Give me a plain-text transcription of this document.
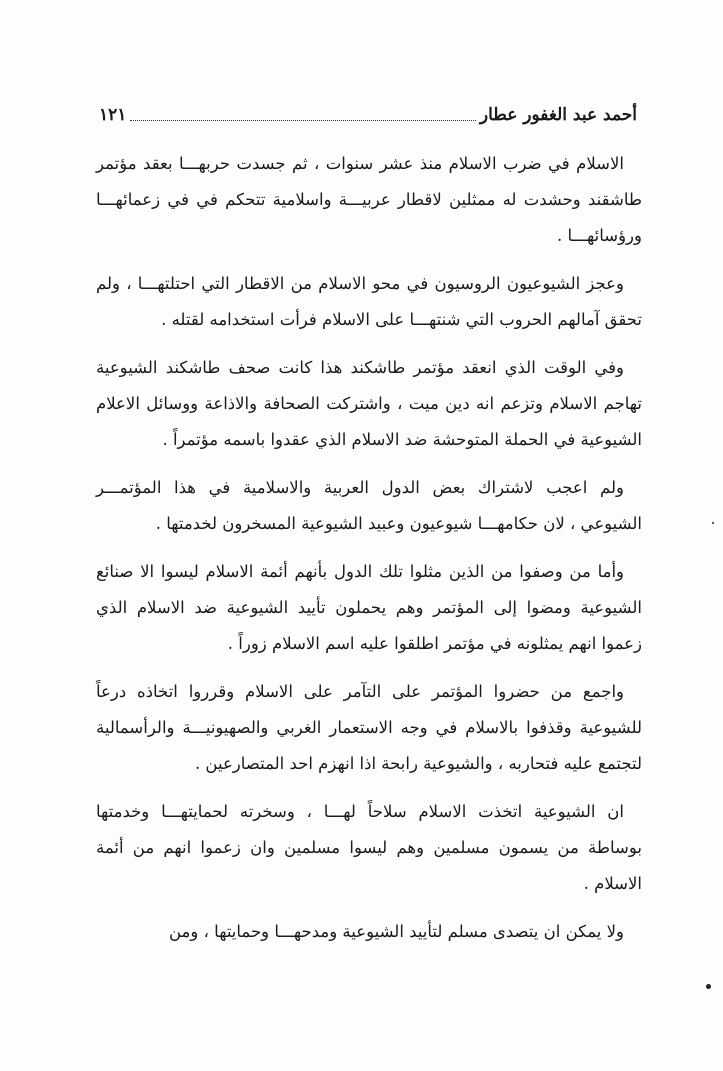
أحمد عبد الغفور عطار
١٢١

الاسلام في ضرب الاسلام منذ عشر سنوات ، ثم جسدت حربهـــا بعقد مؤتمر طاشقند وحشدت له ممثلين لاقطار عربيـــة واسلامية تتحكم في في زعمائهـــا ورؤسائهـــا .

وعجز الشيوعيون الروسيون في محو الاسلام من الاقطار التي احتلتهـــا ، ولم تحقق آمالهم الحروب التي شنتهـــا على الاسلام فرأت استخدامه لقتله .

وفي الوقت الذي انعقد مؤتمر طاشكند هذا كانت صحف طاشكند الشيوعية تهاجم الاسلام وتزعم انه دين ميت ، واشتركت الصحافة والاذاعة ووسائل الاعلام الشيوعية في الحملة المتوحشة ضد الاسلام الذي عقدوا باسمه مؤتمراً .

ولم اعجب لاشتراك بعض الدول العربية والاسلامية في هذا المؤتمـــر الشيوعي ، لان حكامهـــا شيوعيون وعبيد الشيوعية المسخرون لخدمتها .

وأما من وصفوا من الذين مثلوا تلك الدول بأنهم أئمة الاسلام ليسوا الا صنائع الشيوعية ومضوا إلى المؤتمر وهم يحملون تأييد الشيوعية ضد الاسلام الذي زعموا انهم يمثلونه في مؤتمر اطلقوا عليه اسم الاسلام زوراً .

واجمع من حضروا المؤتمر على التآمر على الاسلام وقرروا اتخاذه درعاً للشيوعية وقذفوا بالاسلام في وجه الاستعمار الغربي والصهيونيـــة والرأسمالية لتجتمع عليه فتحاربه ، والشيوعية رابحة اذا انهزم احد المتصارعين .

ان الشيوعية اتخذت الاسلام سلاحاً لهـــا ، وسخرته لحمايتهـــا وخدمتها بوساطة من يسمون مسلمين وهم ليسوا مسلمين وان زعموا انهم من أئمة الاسلام .

ولا يمكن ان يتصدى مسلم لتأييد الشيوعية ومدحهـــا وحمايتها ، ومن
